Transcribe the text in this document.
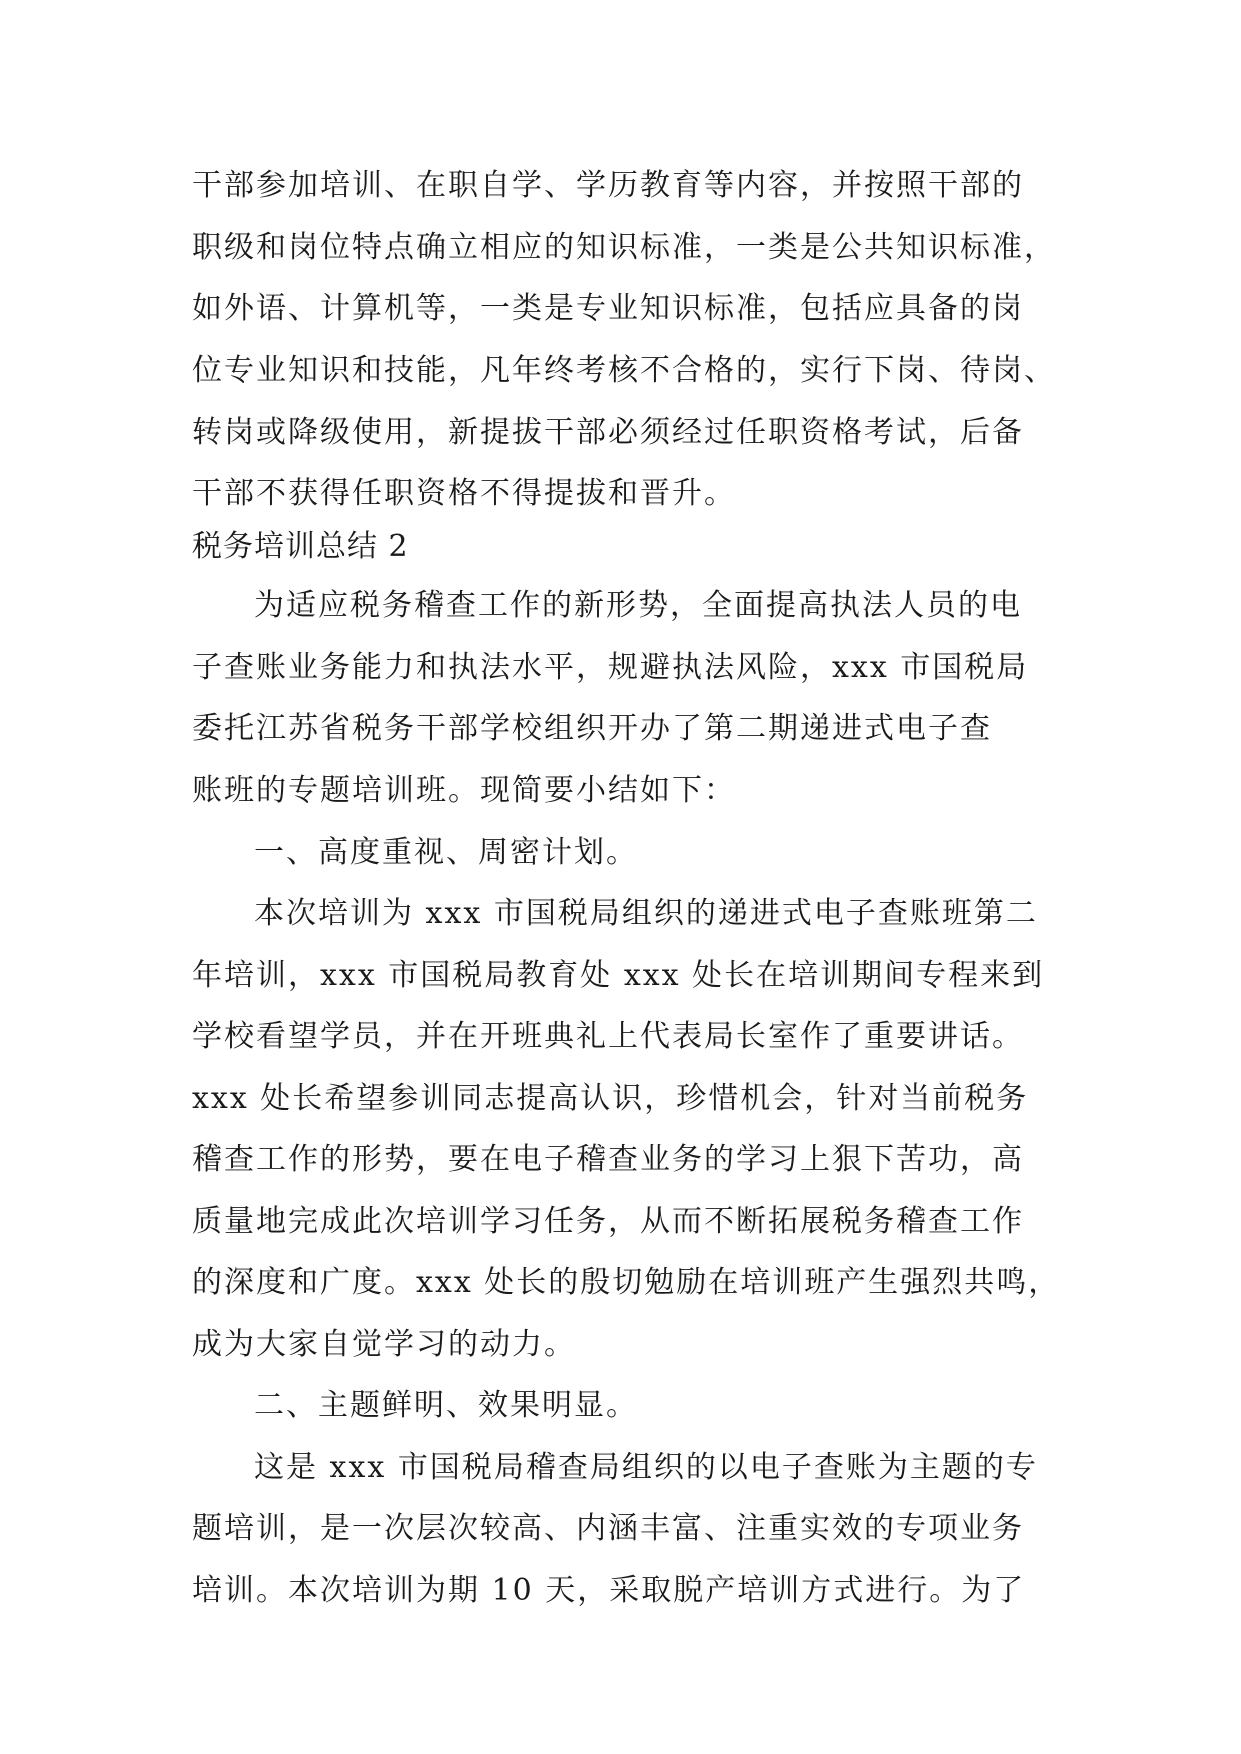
干部参加培训、在职自学、学历教育等内容，并按照干部的
职级和岗位特点确立相应的知识标准，一类是公共知识标准，
如外语、计算机等，一类是专业知识标准，包括应具备的岗
位专业知识和技能，凡年终考核不合格的，实行下岗、待岗、
转岗或降级使用，新提拔干部必须经过任职资格考试，后备
干部不获得任职资格不得提拔和晋升。
税务培训总结 2
为适应税务稽查工作的新形势，全面提高执法人员的电
子查账业务能力和执法水平，规避执法风险，xxx 市国税局
委托江苏省税务干部学校组织开办了第二期递进式电子查
账班的专题培训班。现简要小结如下：
一、高度重视、周密计划。
本次培训为 xxx 市国税局组织的递进式电子查账班第二
年培训，xxx 市国税局教育处 xxx 处长在培训期间专程来到
学校看望学员，并在开班典礼上代表局长室作了重要讲话。
xxx 处长希望参训同志提高认识，珍惜机会，针对当前税务
稽查工作的形势，要在电子稽查业务的学习上狠下苦功，高
质量地完成此次培训学习任务，从而不断拓展税务稽查工作
的深度和广度。xxx 处长的殷切勉励在培训班产生强烈共鸣，
成为大家自觉学习的动力。
二、主题鲜明、效果明显。
这是 xxx 市国税局稽查局组织的以电子查账为主题的专
题培训，是一次层次较高、内涵丰富、注重实效的专项业务
培训。本次培训为期 10 天，采取脱产培训方式进行。为了
